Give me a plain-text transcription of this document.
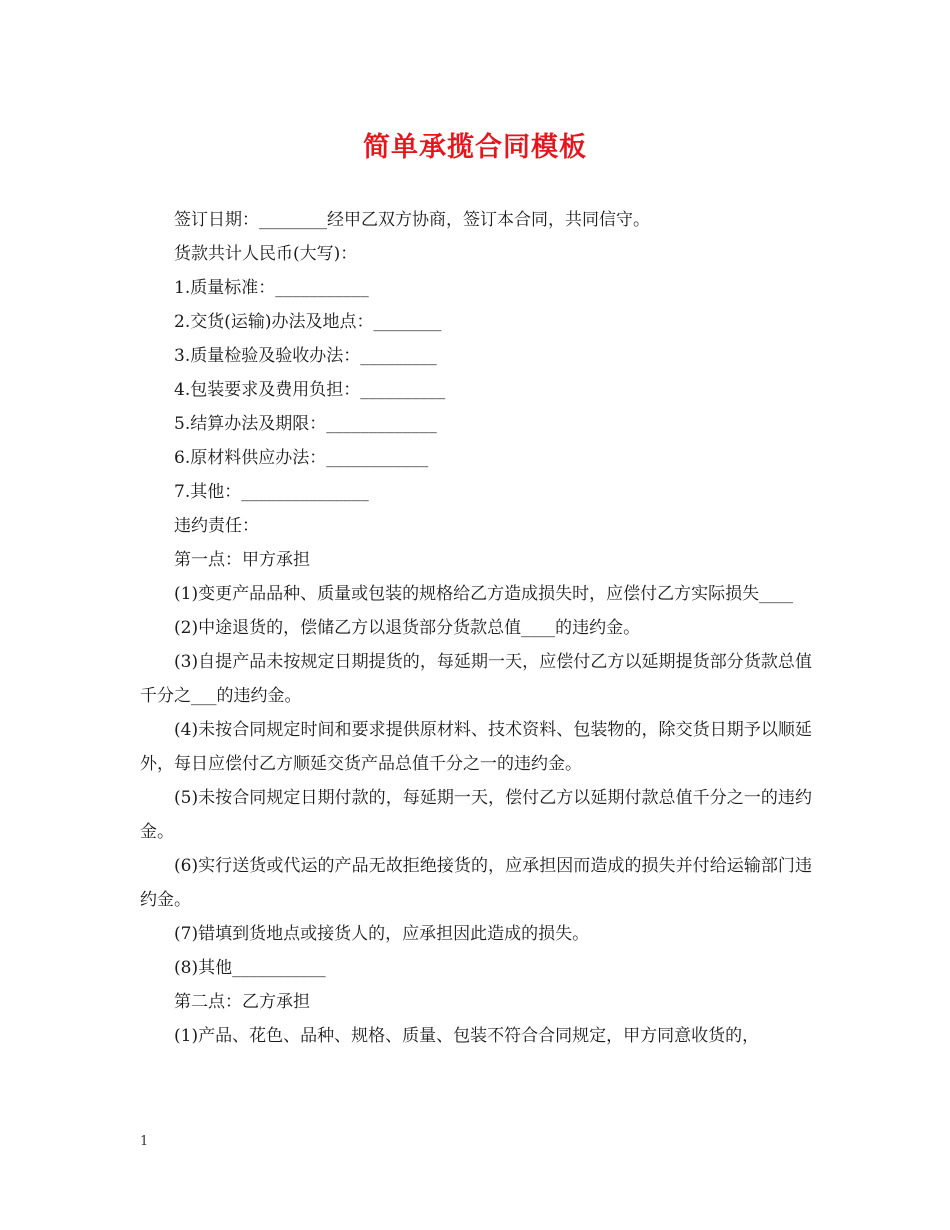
简单承揽合同模板

签订日期：________经甲乙双方协商，签订本合同，共同信守。

货款共计人民币(大写)：

1.质量标准：___________

2.交货(运输)办法及地点：________

3.质量检验及验收办法：_________

4.包装要求及费用负担：__________

5.结算办法及期限：_____________

6.原材料供应办法：____________

7.其他：_______________

违约责任：

第一点：甲方承担

(1)变更产品品种、质量或包装的规格给乙方造成损失时，应偿付乙方实际损失____

(2)中途退货的，偿储乙方以退货部分货款总值____的违约金。

(3)自提产品未按规定日期提货的，每延期一天，应偿付乙方以延期提货部分货款总值千分之___的违约金。

(4)未按合同规定时间和要求提供原材料、技术资料、包装物的，除交货日期予以顺延外，每日应偿付乙方顺延交货产品总值千分之一的违约金。

(5)未按合同规定日期付款的，每延期一天，偿付乙方以延期付款总值千分之一的违约金。

(6)实行送货或代运的产品无故拒绝接货的，应承担因而造成的损失并付给运输部门违约金。

(7)错填到货地点或接货人的，应承担因此造成的损失。

(8)其他___________

第二点：乙方承担

(1)产品、花色、品种、规格、质量、包装不符合合同规定，甲方同意收货的，

1
